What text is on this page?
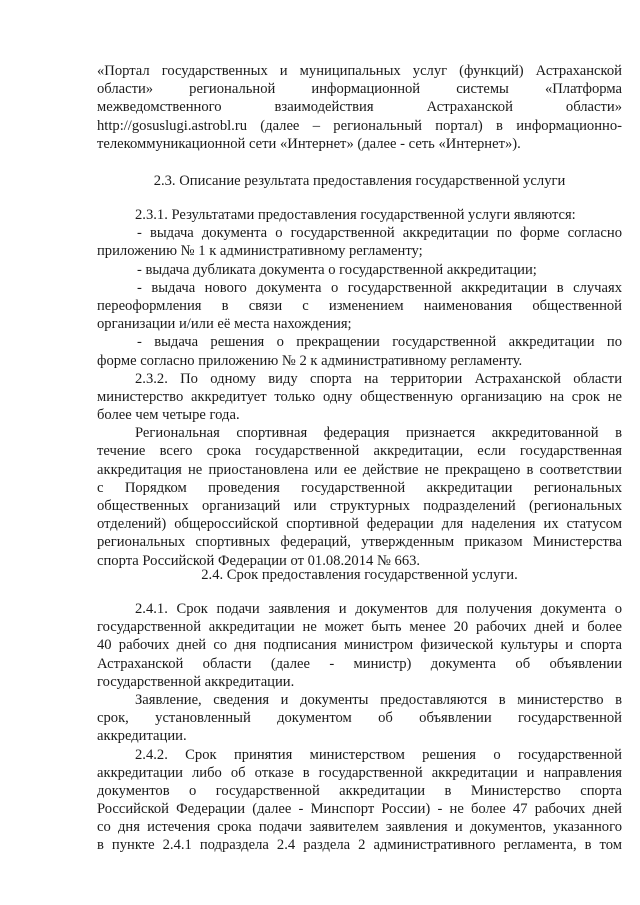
«Портал государственных и муниципальных услуг (функций) Астраханской
области» региональной информационной системы «Платформа
межведомственного взаимодействия Астраханской области»
http://gosuslugi.astrobl.ru (далее – региональный портал) в информационно-
телекоммуникационной сети «Интернет» (далее - сеть «Интернет»).
2.3. Описание результата предоставления государственной услуги
2.3.1. Результатами предоставления государственной услуги являются:
- выдача документа о государственной аккредитации по форме согласно
приложению № 1 к административному регламенту;
- выдача дубликата документа о государственной аккредитации;
- выдача нового документа о государственной аккредитации в случаях
переоформления в связи с изменением наименования общественной
организации и/или её места нахождения;
- выдача решения о прекращении государственной аккредитации по
форме согласно приложению № 2 к административному регламенту.
2.3.2. По одному виду спорта на территории Астраханской области
министерство аккредитует только одну общественную организацию на срок не
более чем четыре года.
Региональная спортивная федерация признается аккредитованной в
течение всего срока государственной аккредитации, если государственная
аккредитация не приостановлена или ее действие не прекращено в соответствии
с Порядком проведения государственной аккредитации региональных
общественных организаций или структурных подразделений (региональных
отделений) общероссийской спортивной федерации для наделения их статусом
региональных спортивных федераций, утвержденным приказом Министерства
спорта Российской Федерации от 01.08.2014 № 663.
2.4. Срок предоставления государственной услуги.
2.4.1. Срок подачи заявления и документов для получения документа о
государственной аккредитации не может быть менее 20 рабочих дней и более
40 рабочих дней со дня подписания министром физической культуры и спорта
Астраханской области (далее - министр) документа об объявлении
государственной аккредитации.
Заявление, сведения и документы предоставляются в министерство в
срок, установленный документом об объявлении государственной
аккредитации.
2.4.2. Срок принятия министерством решения о государственной
аккредитации либо об отказе в государственной аккредитации и направления
документов о государственной аккредитации в Министерство спорта
Российской Федерации (далее - Минспорт России) - не более 47 рабочих дней
со дня истечения срока подачи заявителем заявления и документов, указанного
в пункте 2.4.1 подраздела 2.4 раздела 2 административного регламента, в том
